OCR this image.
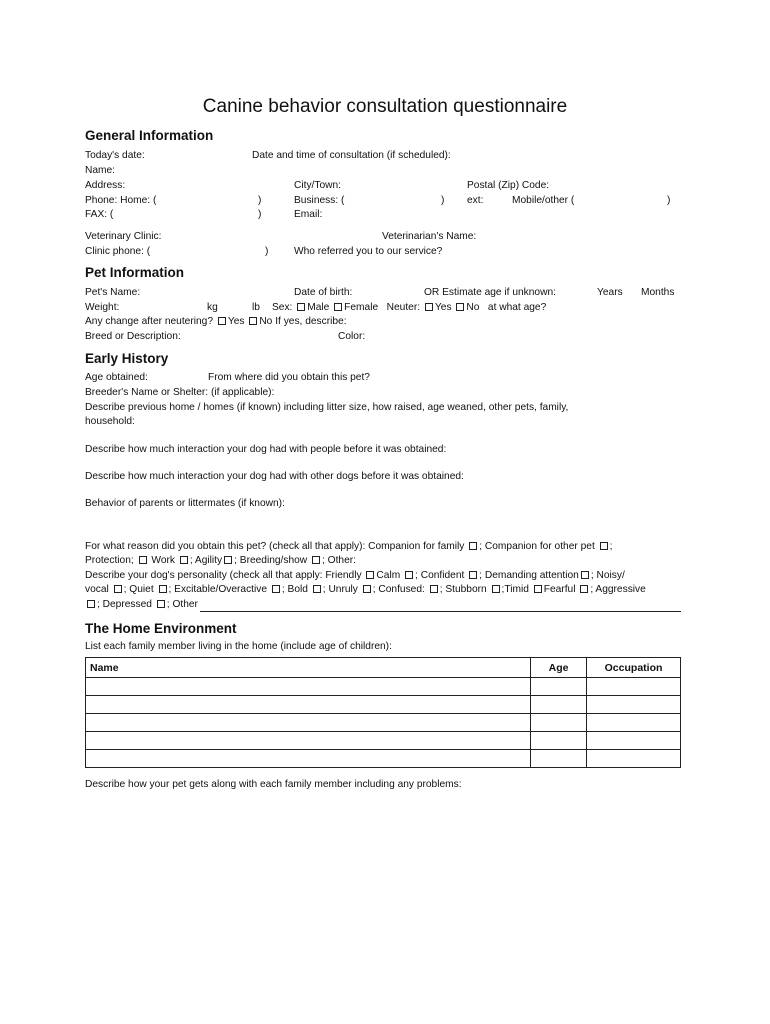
Canine behavior consultation questionnaire
General Information
Today's date:	Date and time of consultation (if scheduled):
Name:
Address:	City/Town:	Postal (Zip) Code:
Phone: Home: (	)	Business: (	) ext:	Mobile/other (	)
FAX: (	)	Email:
Veterinary Clinic:	Veterinarian's Name:
Clinic phone: (	)	Who referred you to our service?
Pet Information
Pet's Name:	Date of birth:	OR Estimate age if unknown:	Years Months
Weight:	kg	lb Sex: Male Female Neuter: Yes No at what age?
Any change after neutering? Yes No If yes, describe:
Breed or Description:	Color:
Early History
Age obtained:	From where did you obtain this pet?
Breeder's Name or Shelter: (if applicable):
Describe previous home / homes (if known) including litter size, how raised, age weaned, other pets, family,
household:
Describe how much interaction your dog had with people before it was obtained:
Describe how much interaction your dog had with other dogs before it was obtained:
Behavior of parents or littermates (if known):
For what reason did you obtain this pet? (check all that apply): Companion for family ; Companion for other pet ;
Protection; Work ; Agility ; Breeding/show ; Other:
Describe your dog's personality (check all that apply: Friendly Calm ; Confident ; Demanding attention ; Noisy/
vocal ; Quiet ; Excitable/Overactive ; Bold ; Unruly ; Confused: ; Stubborn ;Timid Fearful ; Aggressive
; Depressed ; Other
The Home Environment
List each family member living in the home (include age of children):
Name	Age	Occupation

Describe how your pet gets along with each family member including any problems:
